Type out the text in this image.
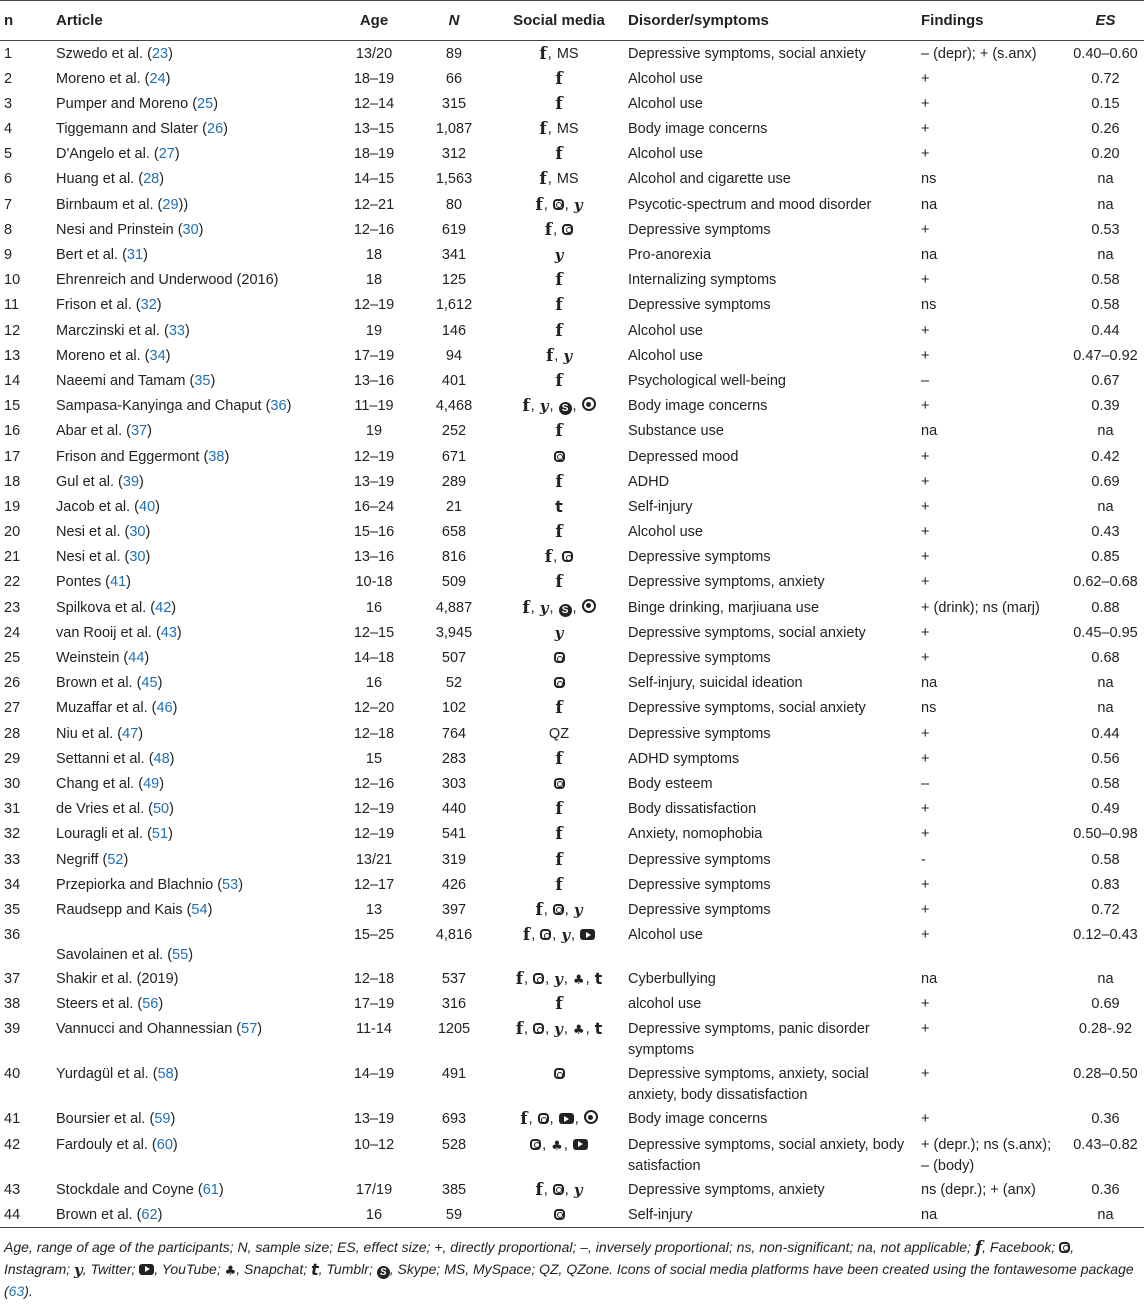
n	Article	Age	N	Social media	Disorder/symptoms	Findings	ES
1	Szwedo et al. (23)	13/20	89	f, MS	Depressive symptoms, social anxiety	– (depr); + (s.anx)	0.40–0.60
2	Moreno et al. (24)	18–19	66	f	Alcohol use	+	0.72
3	Pumper and Moreno (25)	12–14	315	f	Alcohol use	+	0.15
4	Tiggemann and Slater (26)	13–15	1,087	f, MS	Body image concerns	+	0.26
5	D'Angelo et al. (27)	18–19	312	f	Alcohol use	+	0.20
6	Huang et al. (28)	14–15	1,563	f, MS	Alcohol and cigarette use	ns	na
7	Birnbaum et al. (29))	12–21	80	f, , y	Psycotic-spectrum and mood disorder	na	na
8	Nesi and Prinstein (30)	12–16	619	f,	Depressive symptoms	+	0.53
9	Bert et al. (31)	18	341	y	Pro-anorexia	na	na
10	Ehrenreich and Underwood (2016)	18	125	f	Internalizing symptoms	+	0.58
11	Frison et al. (32)	12–19	1,612	f	Depressive symptoms	ns	0.58
12	Marczinski et al. (33)	19	146	f	Alcohol use	+	0.44
13	Moreno et al. (34)	17–19	94	f, y	Alcohol use	+	0.47–0.92
14	Naeemi and Tamam (35)	13–16	401	f	Psychological well-being	–	0.67
15	Sampasa-Kanyinga and Chaput (36)	11–19	4,468	f, y, S ,	Body image concerns	+	0.39
16	Abar et al. (37)	19	252	f	Substance use	na	na
17	Frison and Eggermont (38)	12–19	671		Depressed mood	+	0.42
18	Gul et al. (39)	13–19	289	f	ADHD	+	0.69
19	Jacob et al. (40)	16–24	21	t	Self-injury	+	na
20	Nesi et al. (30)	15–16	658	f	Alcohol use	+	0.43
21	Nesi et al. (30)	13–16	816	f,	Depressive symptoms	+	0.85
22	Pontes (41)	10-18	509	f	Depressive symptoms, anxiety	+	0.62–0.68
23	Spilkova et al. (42)	16	4,887	f, y, S ,	Binge drinking, marjiuana use	+ (drink); ns (marj)	0.88
24	van Rooij et al. (43)	12–15	3,945	y	Depressive symptoms, social anxiety	+	0.45–0.95
25	Weinstein (44)	14–18	507		Depressive symptoms	+	0.68
26	Brown et al. (45)	16	52		Self-injury, suicidal ideation	na	na
27	Muzaffar et al. (46)	12–20	102	f	Depressive symptoms, social anxiety	ns	na
28	Niu et al. (47)	12–18	764	QZ	Depressive symptoms	+	0.44
29	Settanni et al. (48)	15	283	f	ADHD symptoms	+	0.56
30	Chang et al. (49)	12–16	303		Body esteem	–	0.58
31	de Vries et al. (50)	12–19	440	f	Body dissatisfaction	+	0.49
32	Louragli et al. (51)	12–19	541	f	Anxiety, nomophobia	+	0.50–0.98
33	Negriff (52)	13/21	319	f	Depressive symptoms	-	0.58
34	Przepiorka and Blachnio (53)	12–17	426	f	Depressive symptoms	+	0.83
35	Raudsepp and Kais (54)	13	397	f, , y	Depressive symptoms	+	0.72
36	Savolainen et al. (55)	15–25	4,816	f, , y,	Alcohol use	+	0.12–0.43
37	Shakir et al. (2019)	12–18	537	f, , y, ♣, t	Cyberbullying	na	na
38	Steers et al. (56)	17–19	316	f	alcohol use	+	0.69
39	Vannucci and Ohannessian (57)	11-14	1205	f, , y, ♣, t	Depressive symptoms, panic disorder symptoms	+	0.28-.92
40	Yurdagül et al. (58)	14–19	491		Depressive symptoms, anxiety, social anxiety, body dissatisfaction	+	0.28–0.50
41	Boursier et al. (59)	13–19	693	f, , ,	Body image concerns	+	0.36
42	Fardouly et al. (60)	10–12	528	, ♣,	Depressive symptoms, social anxiety, body satisfaction	+ (depr.); ns (s.anx); – (body)	0.43–0.82
43	Stockdale and Coyne (61)	17/19	385	f, , y	Depressive symptoms, anxiety	ns (depr.); + (anx)	0.36
44	Brown et al. (62)	16	59		Self-injury	na	na
Age, range of age of the participants; N, sample size; ES, effect size; +, directly proportional; –, inversely proportional; ns, non-significant; na, not applicable; f, Facebook; , Instagram; y, Twitter; , YouTube; ♣, Snapchat; t, Tumblr; S , Skype; MS, MySpace; QZ, QZone. Icons of social media platforms have been created using the fontawesome package (63).
